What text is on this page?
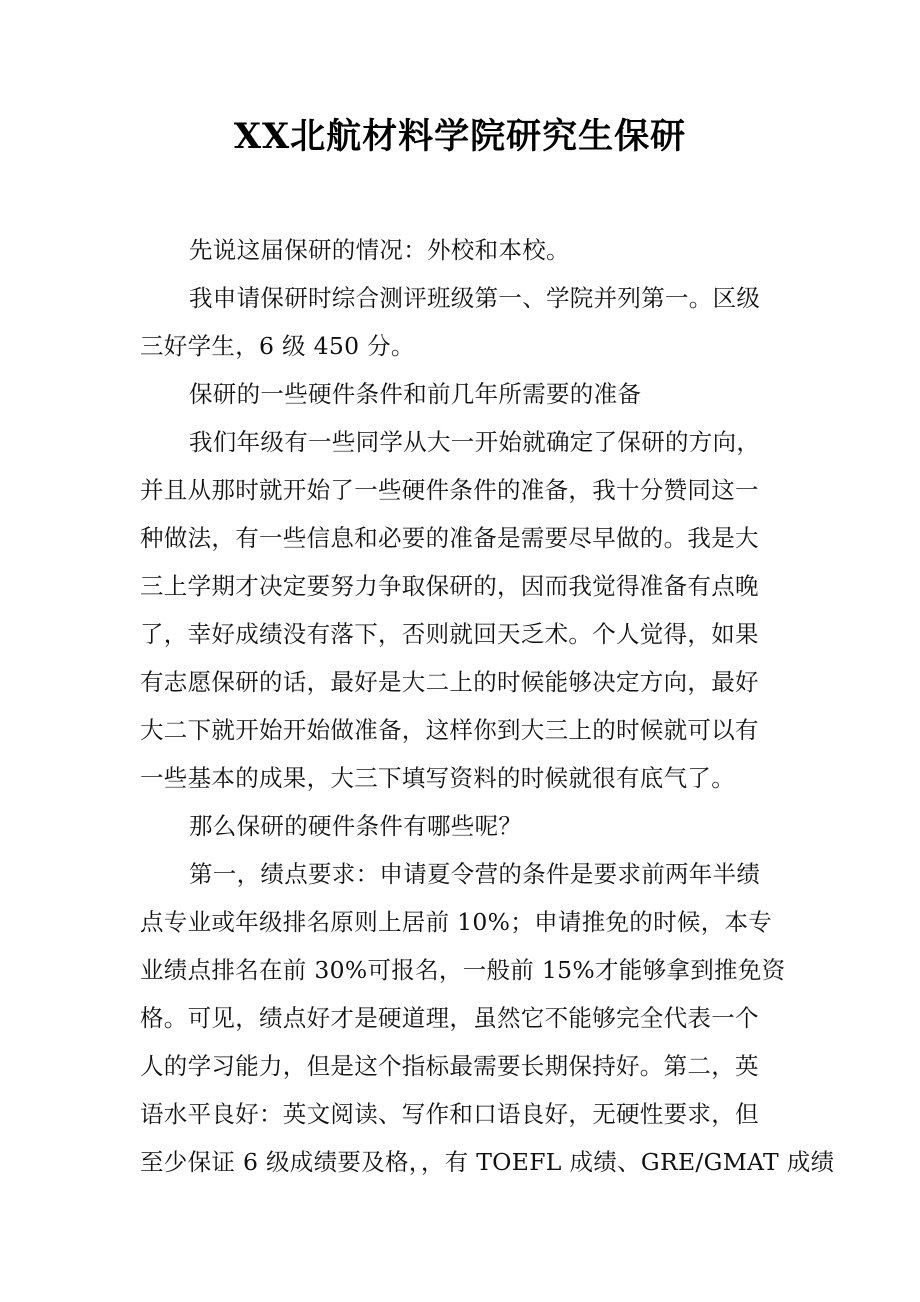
XX北航材料学院研究生保研
先说这届保研的情况：外校和本校。
我申请保研时综合测评班级第一、学院并列第一。区级
三好学生，6 级 450 分。
保研的一些硬件条件和前几年所需要的准备
我们年级有一些同学从大一开始就确定了保研的方向，
并且从那时就开始了一些硬件条件的准备，我十分赞同这一
种做法，有一些信息和必要的准备是需要尽早做的。我是大
三上学期才决定要努力争取保研的，因而我觉得准备有点晚
了，幸好成绩没有落下，否则就回天乏术。个人觉得，如果
有志愿保研的话，最好是大二上的时候能够决定方向，最好
大二下就开始开始做准备，这样你到大三上的时候就可以有
一些基本的成果，大三下填写资料的时候就很有底气了。
那么保研的硬件条件有哪些呢？
第一，绩点要求：申请夏令营的条件是要求前两年半绩
点专业或年级排名原则上居前 10%；申请推免的时候，本专
业绩点排名在前 30%可报名，一般前 15%才能够拿到推免资
格。可见，绩点好才是硬道理，虽然它不能够完全代表一个
人的学习能力，但是这个指标最需要长期保持好。第二，英
语水平良好：英文阅读、写作和口语良好，无硬性要求，但
至少保证 6 级成绩要及格，，有 TOEFL 成绩、GRE/GMAT 成绩
